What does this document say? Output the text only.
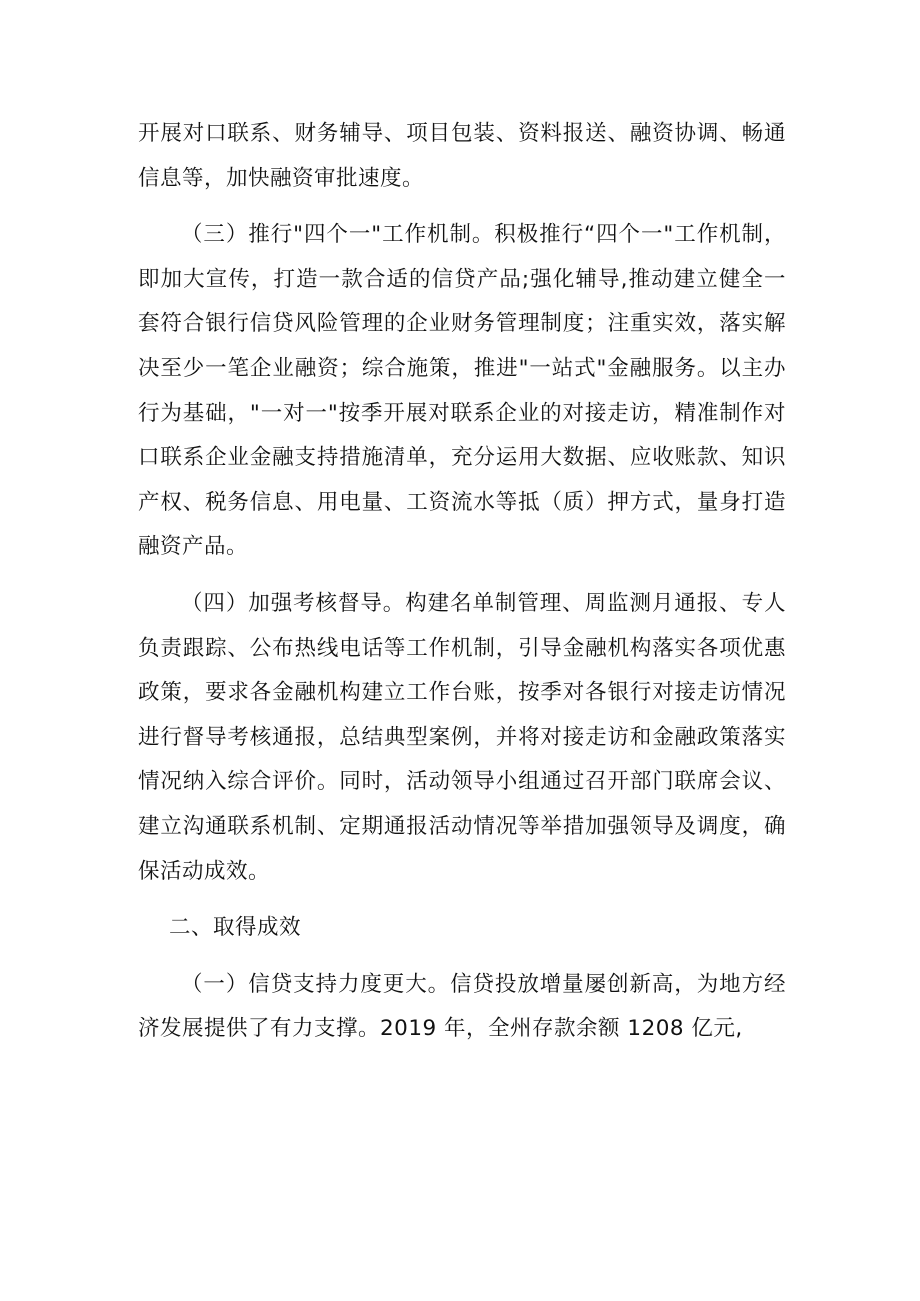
开展对口联系、财务辅导、项目包装、资料报送、融资协调、畅通信息等，加快融资审批速度。

（三）推行"四个一"工作机制。积极推行“四个一"工作机制，即加大宣传，打造一款合适的信贷产品;强化辅导,推动建立健全一套符合银行信贷风险管理的企业财务管理制度；注重实效，落实解决至少一笔企业融资；综合施策，推进"一站式"金融服务。以主办行为基础，"一对一"按季开展对联系企业的对接走访，精准制作对口联系企业金融支持措施清单，充分运用大数据、应收账款、知识产权、税务信息、用电量、工资流水等抵（质）押方式，量身打造融资产品。

（四）加强考核督导。构建名单制管理、周监测月通报、专人负责跟踪、公布热线电话等工作机制，引导金融机构落实各项优惠政策，要求各金融机构建立工作台账，按季对各银行对接走访情况进行督导考核通报，总结典型案例，并将对接走访和金融政策落实情况纳入综合评价。同时，活动领导小组通过召开部门联席会议、建立沟通联系机制、定期通报活动情况等举措加强领导及调度，确保活动成效。

二、取得成效

（一）信贷支持力度更大。信贷投放增量屡创新高，为地方经济发展提供了有力支撑。2019 年，全州存款余额 1208 亿元,
